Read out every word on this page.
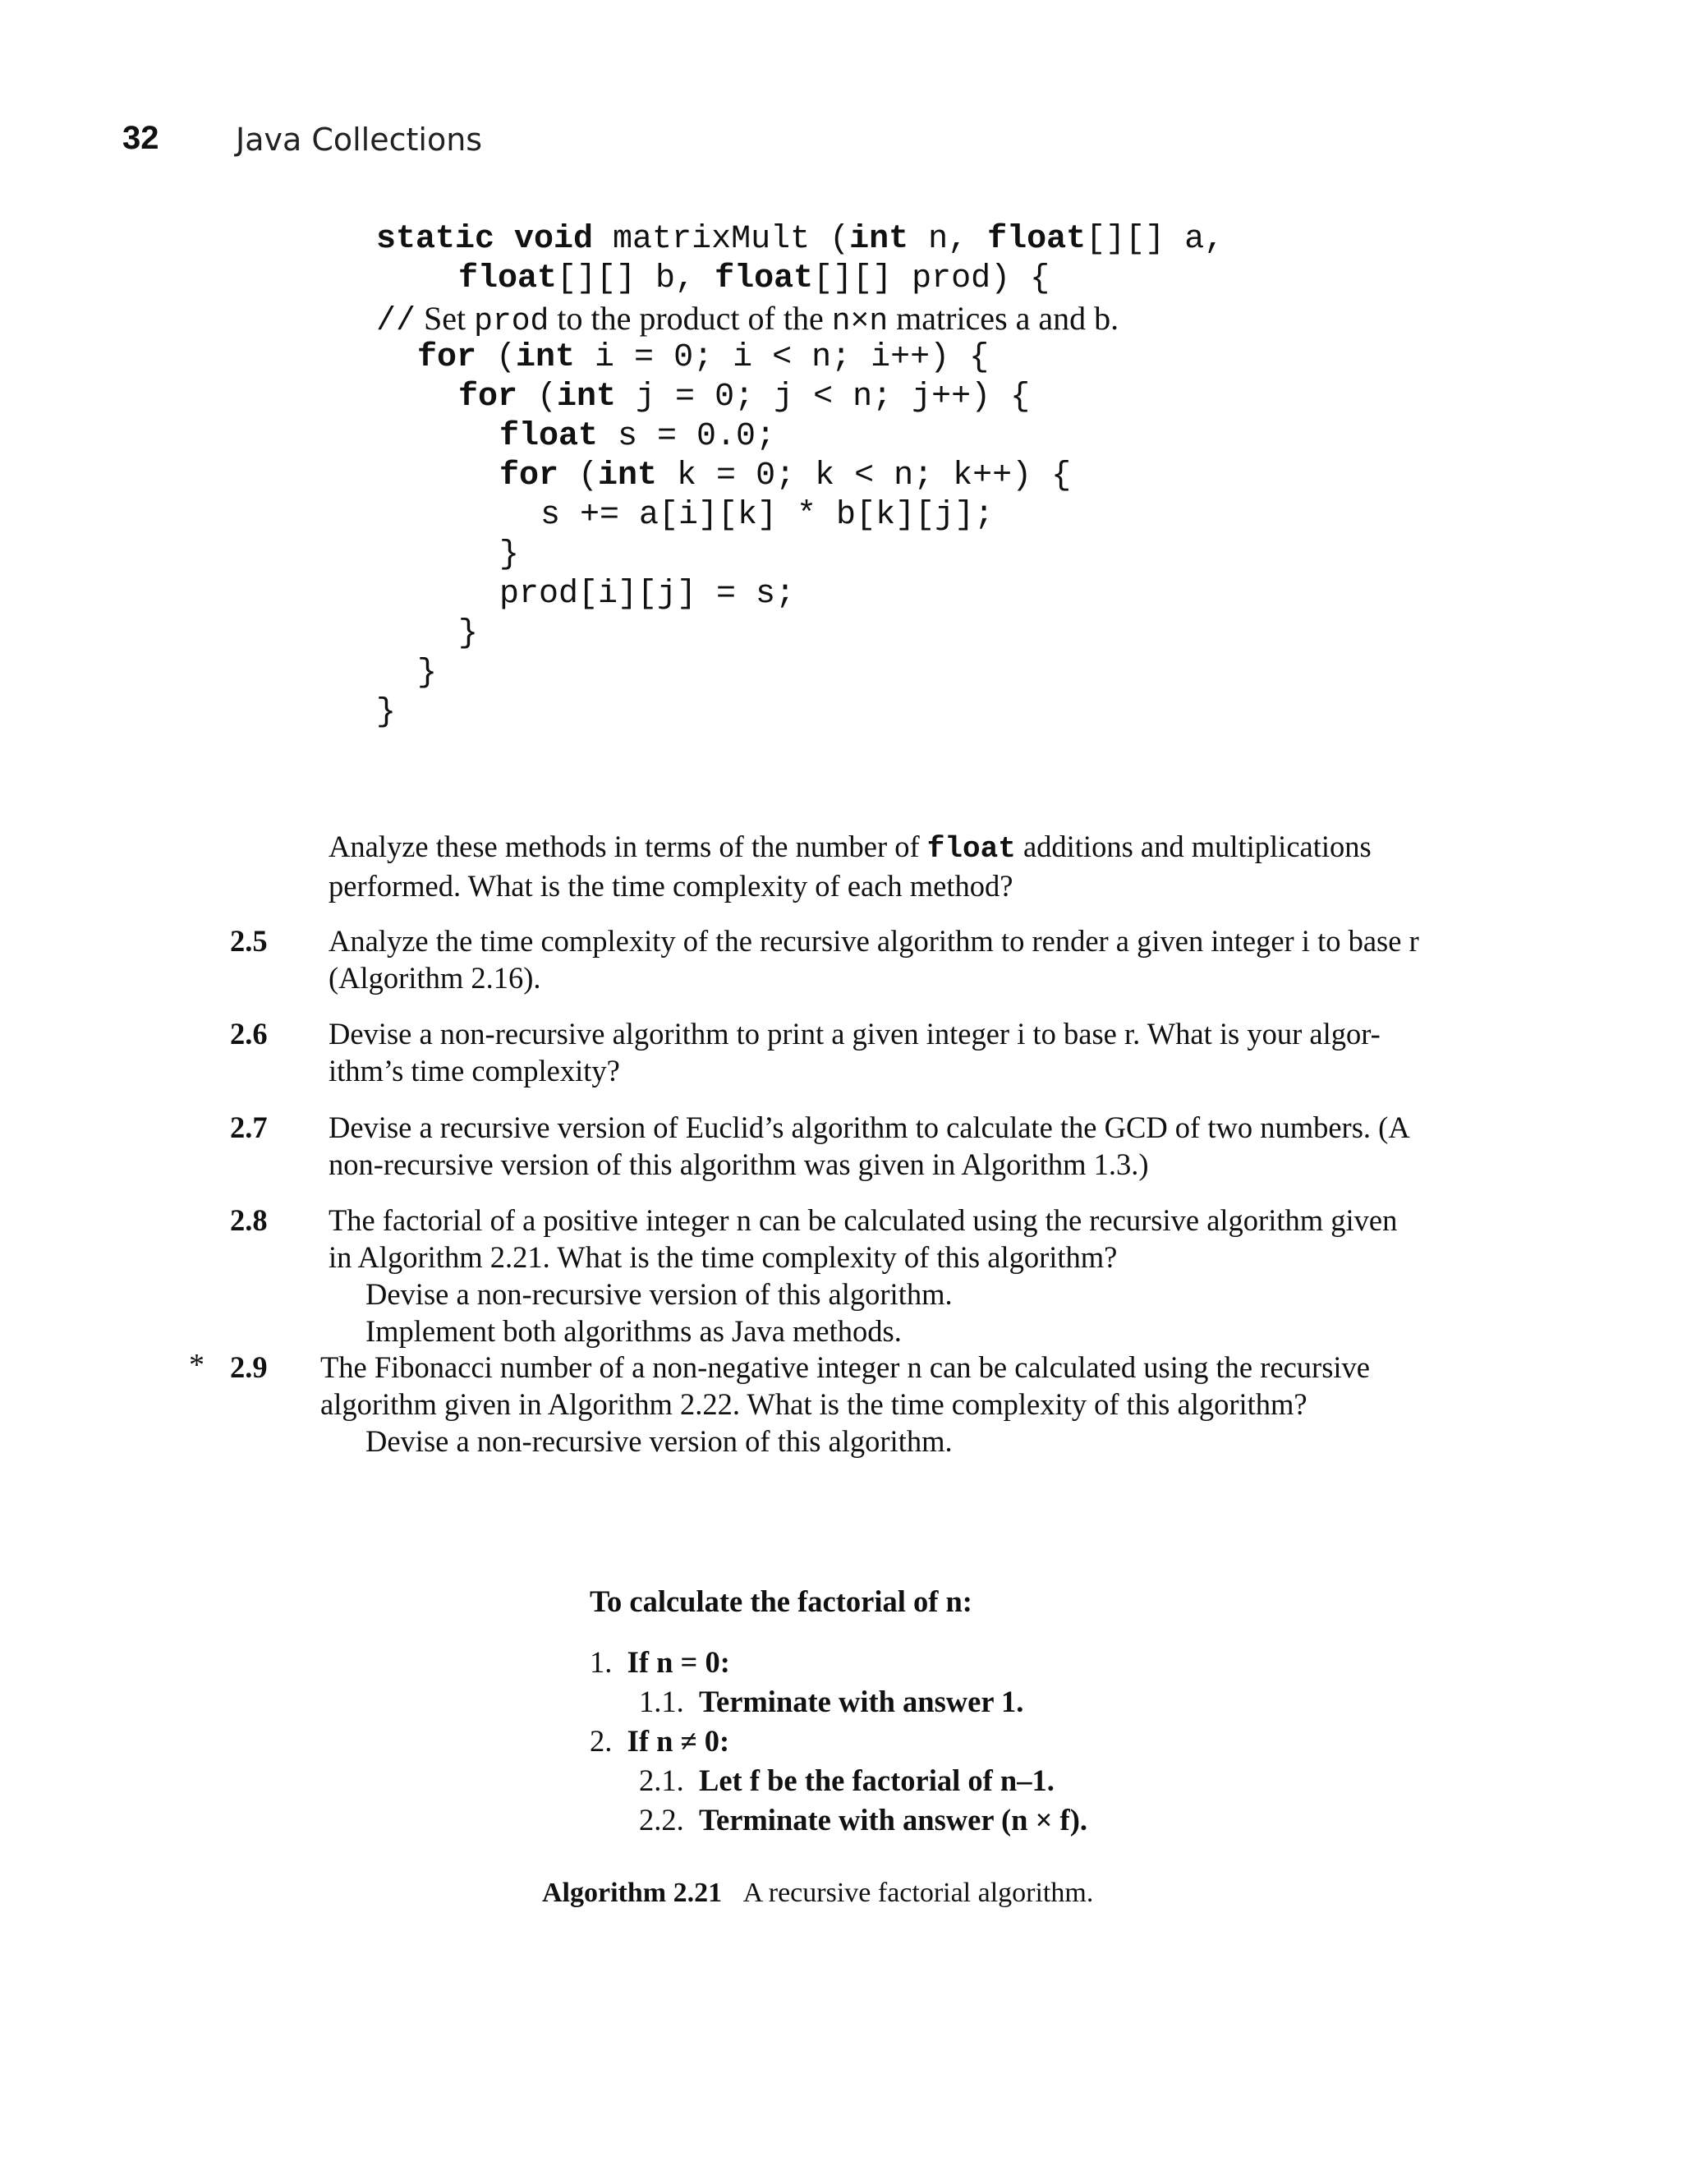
32 Java Collections
static void matrixMult (int n, float[][] a,
float[][] b, float[][] prod) {
// Set prod to the product of the n×n matrices a and b.
for (int i = 0; i < n; i++) {
for (int j = 0; j < n; j++) {
float s = 0.0;
for (int k = 0; k < n; k++) {
s += a[i][k] * b[k][j];
}
prod[i][j] = s;
}
}
}
Analyze these methods in terms of the number of float additions and multiplications
performed. What is the time complexity of each method?
2.5 Analyze the time complexity of the recursive algorithm to render a given integer i to base r
(Algorithm 2.16).
2.6 Devise a non-recursive algorithm to print a given integer i to base r. What is your algor-
ithm’s time complexity?
2.7 Devise a recursive version of Euclid’s algorithm to calculate the GCD of two numbers. (A
non-recursive version of this algorithm was given in Algorithm 1.3.)
2.8 The factorial of a positive integer n can be calculated using the recursive algorithm given
in Algorithm 2.21. What is the time complexity of this algorithm?
Devise a non-recursive version of this algorithm.
Implement both algorithms as Java methods.
* 2.9 The Fibonacci number of a non-negative integer n can be calculated using the recursive
algorithm given in Algorithm 2.22. What is the time complexity of this algorithm?
Devise a non-recursive version of this algorithm.
To calculate the factorial of n:
1. If n = 0:
1.1. Terminate with answer 1.
2. If n ≠ 0:
2.1. Let f be the factorial of n–1.
2.2. Terminate with answer (n × f).
Algorithm 2.21 A recursive factorial algorithm.
